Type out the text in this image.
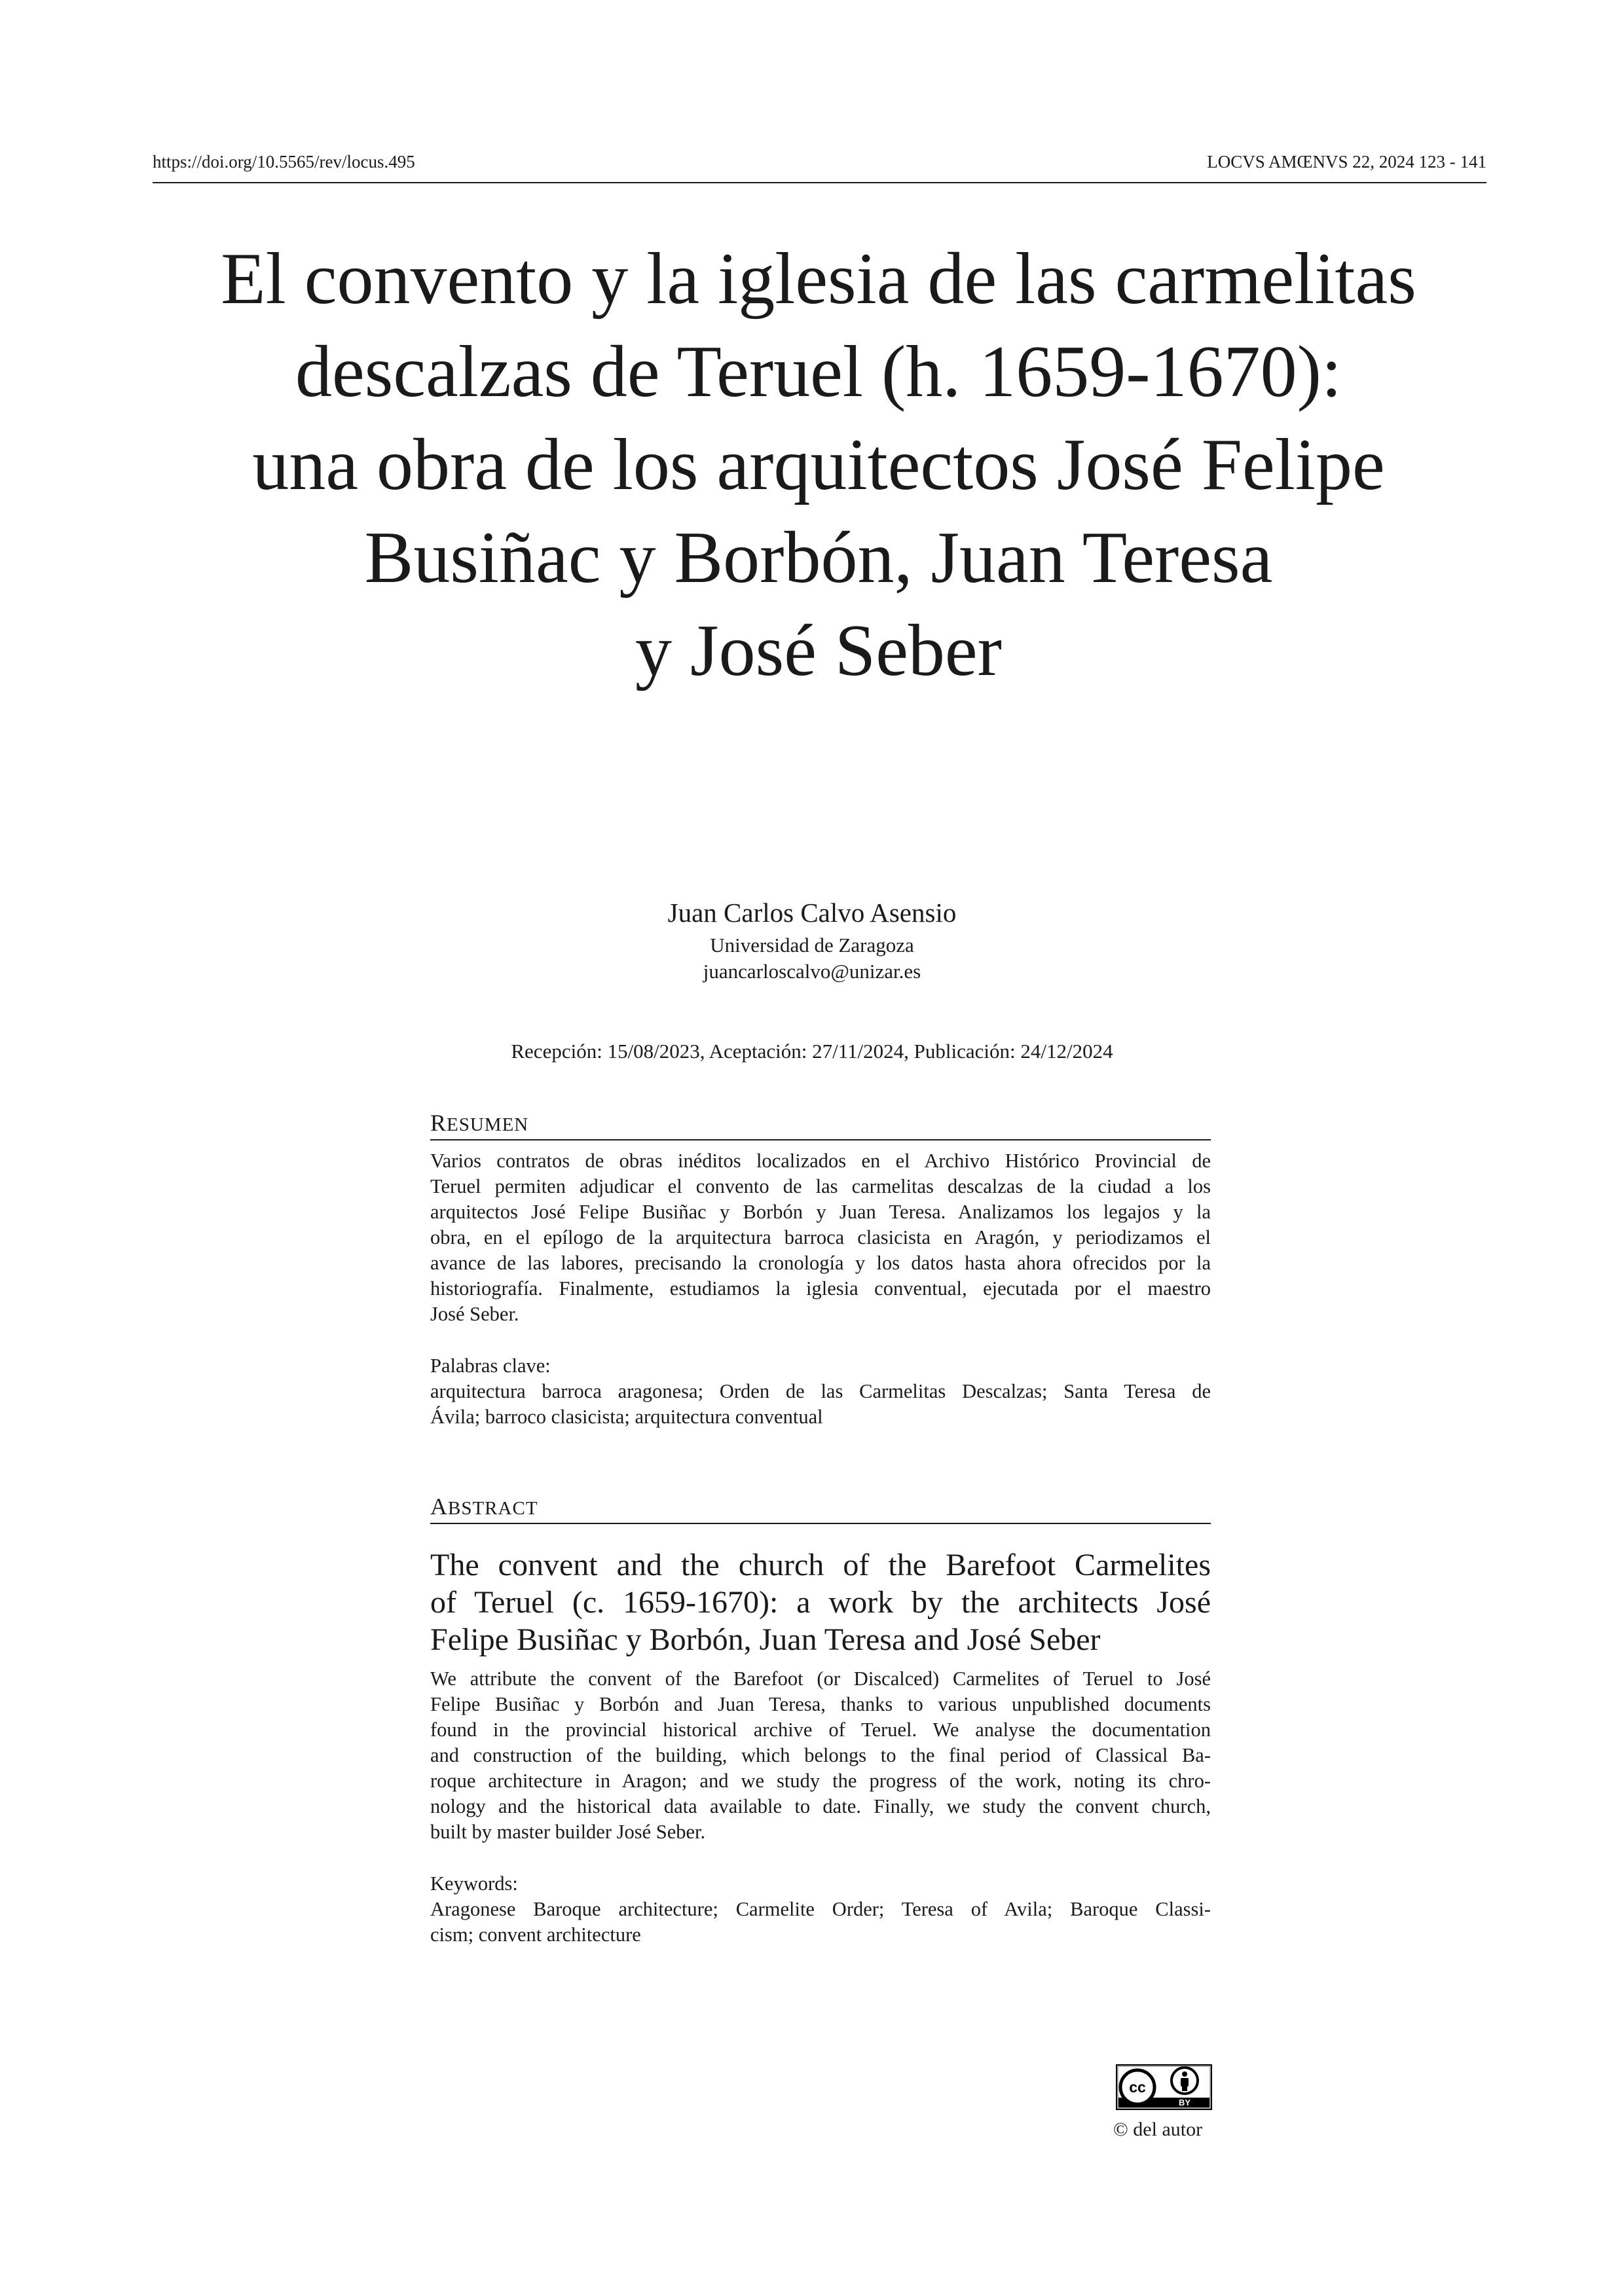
https://doi.org/10.5565/rev/locus.495	LOCVS AMŒNVS 22, 2024 123 - 141
El convento y la iglesia de las carmelitas
descalzas de Teruel (h. 1659-1670):
una obra de los arquitectos José Felipe
Busiñac y Borbón, Juan Teresa
y José Seber
Juan Carlos Calvo Asensio
Universidad de Zaragoza
juancarloscalvo@unizar.es
Recepción: 15/08/2023, Aceptación: 27/11/2024, Publicación: 24/12/2024
RESUMEN
Varios contratos de obras inéditos localizados en el Archivo Histórico Provincial de
Teruel permiten adjudicar el convento de las carmelitas descalzas de la ciudad a los
arquitectos José Felipe Busiñac y Borbón y Juan Teresa. Analizamos los legajos y la
obra, en el epílogo de la arquitectura barroca clasicista en Aragón, y periodizamos el
avance de las labores, precisando la cronología y los datos hasta ahora ofrecidos por la
historiografía. Finalmente, estudiamos la iglesia conventual, ejecutada por el maestro
José Seber.

Palabras clave:

arquitectura barroca aragonesa; Orden de las Carmelitas Descalzas; Santa Teresa de
Ávila; barroco clasicista; arquitectura conventual
ABSTRACT
The convent and the church of the Barefoot Carmelites
of Teruel (c. 1659-1670): a work by the architects José
Felipe Busiñac y Borbón, Juan Teresa and José Seber
We attribute the convent of the Barefoot (or Discalced) Carmelites of Teruel to José
Felipe Busiñac y Borbón and Juan Teresa, thanks to various unpublished documents
found in the provincial historical archive of Teruel. We analyse the documentation
and construction of the building, which belongs to the final period of Classical Ba-
roque architecture in Aragon; and we study the progress of the work, noting its chro-
nology and the historical data available to date. Finally, we study the convent church,
built by master builder José Seber.

Keywords:

Aragonese Baroque architecture; Carmelite Order; Teresa of Avila; Baroque Classi-
cism; convent architecture
cc
BY
© del autor
